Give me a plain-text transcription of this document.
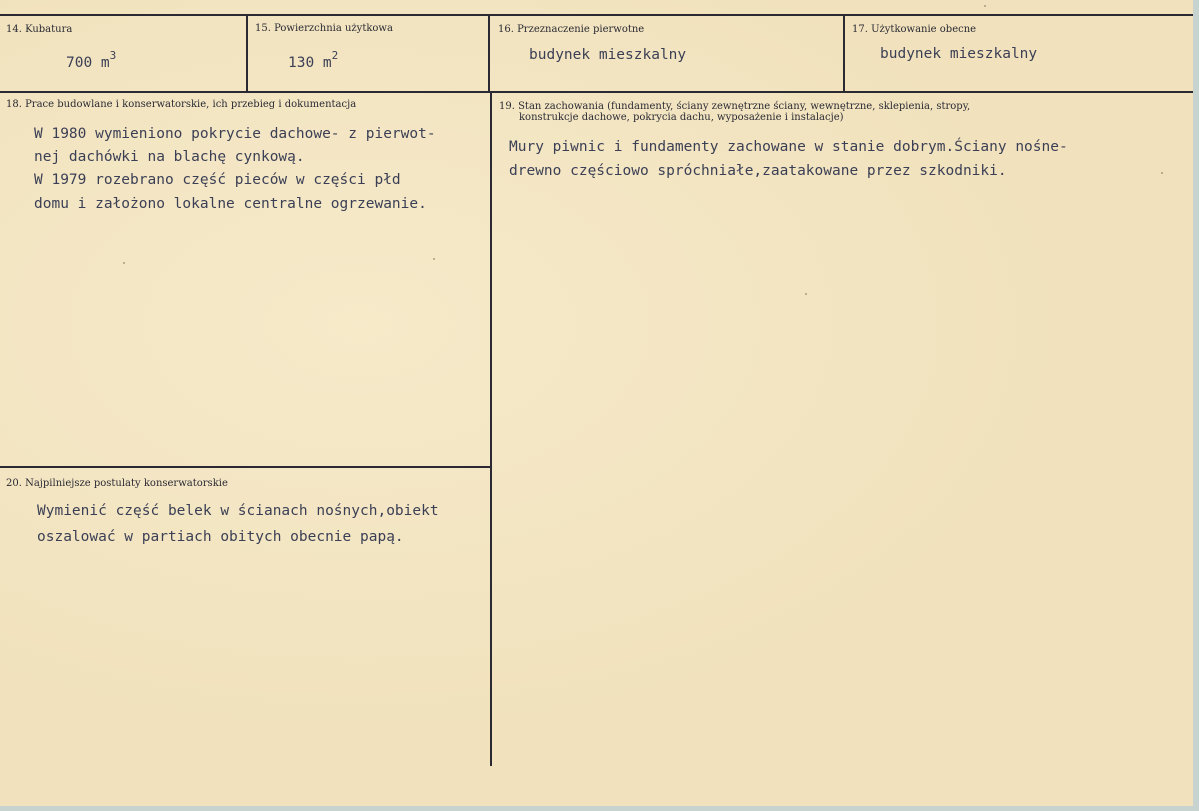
14. Kubatura
700 $m^3$
15. Powierzchnia użytkowa
130 $m^2$
16. Przeznaczenie pierwotne
budynek mieszkalny
17. Użytkowanie obecne
budynek mieszkalny
18. Prace budowlane i konserwatorskie, ich przebieg i dokumentacja
W 1980 wymieniono pokrycie dachowe- z pierwot-
nej dachówki na blachę cynkową.
W 1979 rozebrano część pieców w części płd
domu i założono lokalne centralne ogrzewanie.
19. Stan zachowania (fundamenty, ściany zewnętrzne ściany, wewnętrzne, sklepienia, stropy,
konstrukcje dachowe, pokrycia dachu, wyposażenie i instalacje)
Mury piwnic i fundamenty zachowane w stanie dobrym.Ściany nośne-
drewno częściowo spróchniałe,zaatakowane przez szkodniki.
20. Najpilniejsze postulaty konserwatorskie
Wymienić część belek w ścianach nośnych,obiekt
oszalować w partiach obitych obecnie papą.
